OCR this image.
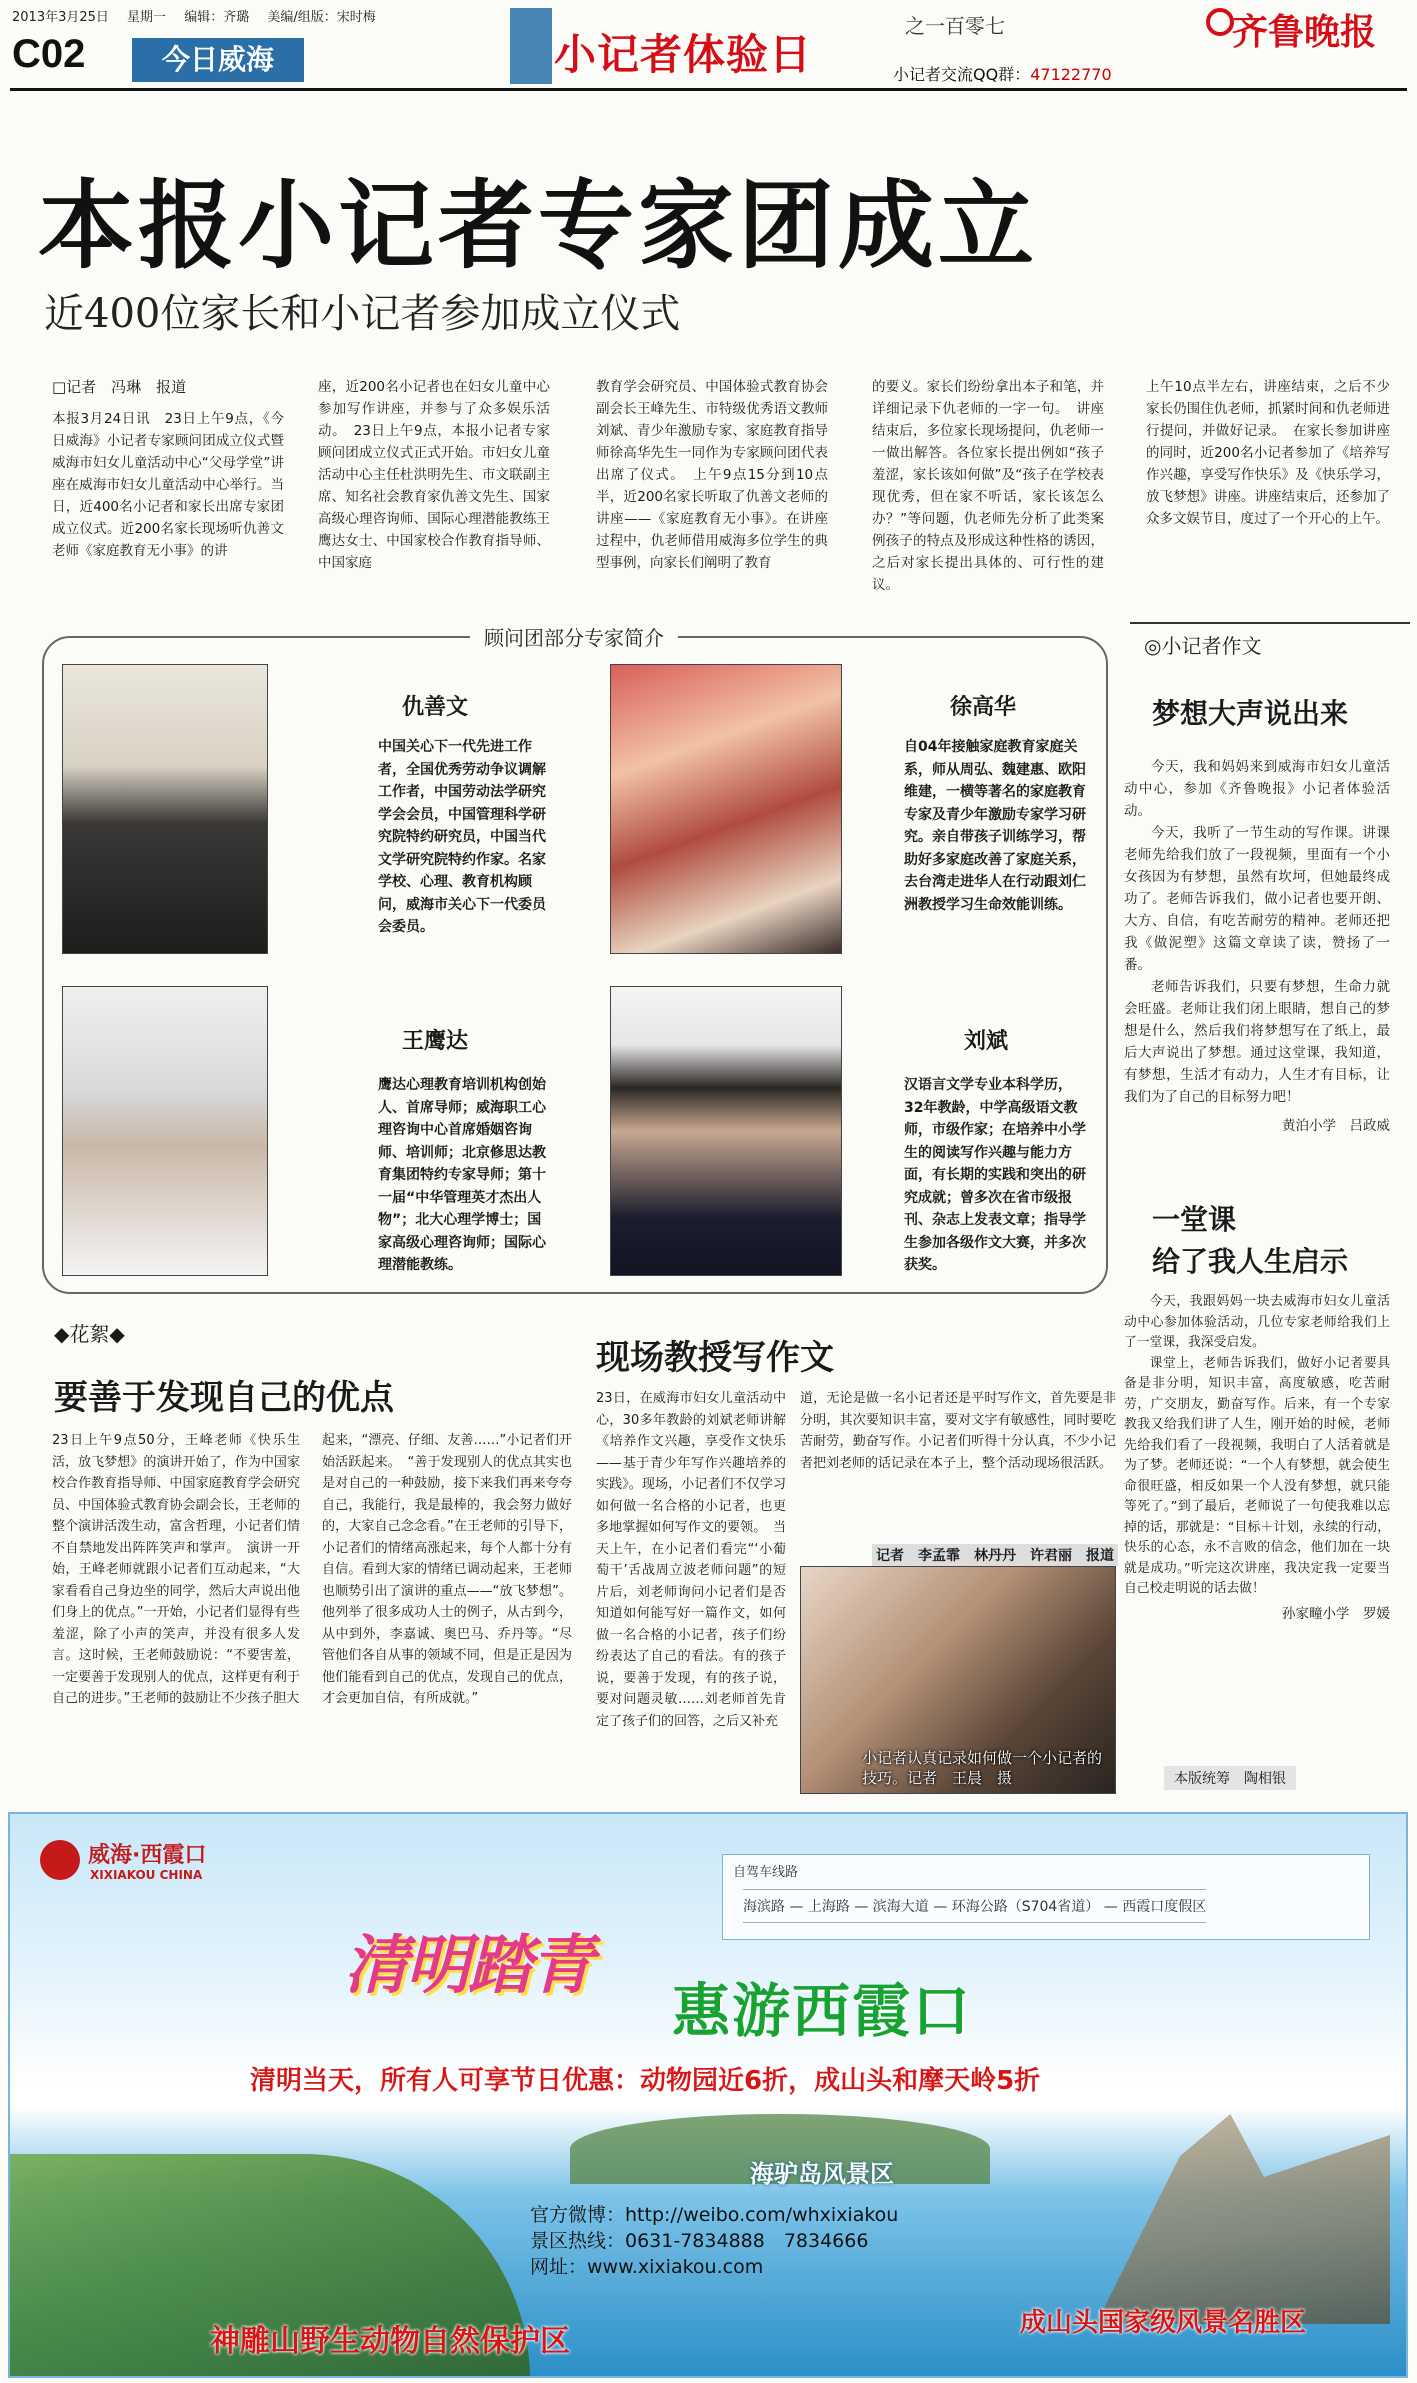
2013年3月25日 星期一 编辑：齐璐 美编/组版：宋时梅
C02	今日威海	小记者体验日
之一百零七
小记者交流QQ群：47122770
齐鲁晚报
本报小记者专家团成立
近400位家长和小记者参加成立仪式

□记者　冯琳　报道

本报3月24日讯　23日上午9点，《今日威海》小记者专家顾问团成立仪式暨威海市妇女儿童活动中心“父母学堂”讲座在威海市妇女儿童活动中心举行。当日，近400名小记者和家长出席专家团成立仪式。近200名家长现场听仇善文老师《家庭教育无小事》的讲

座，近200名小记者也在妇女儿童中心参加写作讲座，并参与了众多娱乐活动。　23日上午9点，本报小记者专家顾问团成立仪式正式开始。市妇女儿童活动中心主任杜洪明先生、市文联副主席、知名社会教育家仇善文先生、国家高级心理咨询师、国际心理潜能教练王鹰达女士、中国家校合作教育指导师、中国家庭

教育学会研究员、中国体验式教育协会副会长王峰先生、市特级优秀语文教师刘斌、青少年激励专家、家庭教育指导师徐高华先生一同作为专家顾问团代表出席了仪式。　上午9点15分到10点半，近200名家长听取了仇善文老师的讲座——《家庭教育无小事》。在讲座过程中，仇老师借用威海多位学生的典型事例，向家长们阐明了教育

的要义。家长们纷纷拿出本子和笔，并详细记录下仇老师的一字一句。　讲座结束后，多位家长现场提问，仇老师一一做出解答。各位家长提出例如“孩子羞涩，家长该如何做”及“孩子在学校表现优秀，但在家不听话，家长该怎么办？”等问题，仇老师先分析了此类案例孩子的特点及形成这种性格的诱因，之后对家长提出具体的、可行性的建议。

上午10点半左右，讲座结束，之后不少家长仍围住仇老师，抓紧时间和仇老师进行提问，并做好记录。　在家长参加讲座的同时，近200名小记者参加了《培养写作兴趣，享受写作快乐》及《快乐学习，放飞梦想》讲座。讲座结束后，还参加了众多文娱节目，度过了一个开心的上午。

顾问团部分专家简介
仇善文
中国关心下一代先进工作者，全国优秀劳动争议调解工作者，中国劳动法学研究学会会员，中国管理科学研究院特约研究员，中国当代文学研究院特约作家。名家学校、心理、教育机构顾问，威海市关心下一代委员会委员。
徐高华
自04年接触家庭教育家庭关系，师从周弘、魏建惠、欧阳维建，一横等著名的家庭教育专家及青少年激励专家学习研究。亲自带孩子训练学习，帮助好多家庭改善了家庭关系，去台湾走进华人在行动跟刘仁洲教授学习生命效能训练。
王鹰达
鹰达心理教育培训机构创始人、首席导师；威海职工心理咨询中心首席婚姻咨询师、培训师；北京修思达教育集团特约专家导师；第十一届“中华管理英才杰出人物”；北大心理学博士；国家高级心理咨询师；国际心理潜能教练。
刘斌
汉语言文学专业本科学历，32年教龄，中学高级语文教师，市级作家；在培养中小学生的阅读写作兴趣与能力方面，有长期的实践和突出的研究成就；曾多次在省市级报刊、杂志上发表文章；指导学生参加各级作文大赛，并多次获奖。
◎小记者作文
梦想大声说出来

今天，我和妈妈来到威海市妇女儿童活动中心，参加《齐鲁晚报》小记者体验活动。

今天，我听了一节生动的写作课。讲课老师先给我们放了一段视频，里面有一个小女孩因为有梦想，虽然有坎坷，但她最终成功了。老师告诉我们，做小记者也要开朗、大方、自信，有吃苦耐劳的精神。老师还把我《做泥塑》这篇文章读了读，赞扬了一番。

老师告诉我们，只要有梦想，生命力就会旺盛。老师让我们闭上眼睛，想自己的梦想是什么，然后我们将梦想写在了纸上，最后大声说出了梦想。通过这堂课，我知道，有梦想，生活才有动力，人生才有目标，让我们为了自己的目标努力吧！

黄泊小学　吕政威
一堂课
给了我人生启示

今天，我跟妈妈一块去威海市妇女儿童活动中心参加体验活动，几位专家老师给我们上了一堂课，我深受启发。

课堂上，老师告诉我们，做好小记者要具备是非分明，知识丰富，高度敏感，吃苦耐劳，广交朋友，勤奋写作。后来，有一个专家教我又给我们讲了人生，刚开始的时候，老师先给我们看了一段视频，我明白了人活着就是为了梦。老师还说：“一个人有梦想，就会使生命很旺盛，相反如果一个人没有梦想，就只能等死了。”到了最后，老师说了一句使我难以忘掉的话，那就是：“目标＋计划，永续的行动，快乐的心态，永不言败的信念，他们加在一块就是成功。”听完这次讲座，我决定我一定要当自己校走明说的话去做！

孙家疃小学　罗媛
本版统筹　陶相银
◆花絮◆
要善于发现自己的优点

23日上午9点50分，王峰老师《快乐生活，放飞梦想》的演讲开始了，作为中国家校合作教育指导师、中国家庭教育学会研究员、中国体验式教育协会副会长，王老师的整个演讲活泼生动，富含哲理，小记者们情不自禁地发出阵阵笑声和掌声。　演讲一开始，王峰老师就跟小记者们互动起来，“大家看看自己身边坐的同学，然后大声说出他们身上的优点。”一开始，小记者们显得有些羞涩，除了小声的笑声，并没有很多人发言。这时候，王老师鼓励说：“不要害羞，一定要善于发现别人的优点，这样更有利于自己的进步。”王老师的鼓励让不少孩子胆大

起来，“漂亮、仔细、友善……”小记者们开始活跃起来。　“善于发现别人的优点其实也是对自己的一种鼓励，接下来我们再来夸夸自己，我能行，我是最棒的，我会努力做好的，大家自己念念看。”在王老师的引导下，小记者们的情绪高涨起来，每个人都十分有自信。看到大家的情绪已调动起来，王老师也顺势引出了演讲的重点——“放飞梦想”。他列举了很多成功人士的例子，从古到今，从中到外，李嘉诚、奥巴马、乔丹等。“尽管他们各自从事的领域不同，但是正是因为他们能看到自己的优点，发现自己的优点，才会更加自信，有所成就。”

现场教授写作文

23日，在威海市妇女儿童活动中心，30多年教龄的刘斌老师讲解《培养作文兴趣，享受作文快乐——基于青少年写作兴趣培养的实践》。现场，小记者们不仅学习如何做一名合格的小记者，也更多地掌握如何写作文的要领。　当天上午，在小记者们看完“‘小葡萄干’舌战周立波老师问题”的短片后，刘老师询问小记者们是否知道如何能写好一篇作文，如何做一名合格的小记者，孩子们纷纷表达了自己的看法。有的孩子说，要善于发现，有的孩子说，要对问题灵敏……刘老师首先肯定了孩子们的回答，之后又补充

道，无论是做一名小记者还是平时写作文，首先要是非分明，其次要知识丰富，要对文字有敏感性，同时要吃苦耐劳，勤奋写作。小记者们听得十分认真，不少小记者把刘老师的话记录在本子上，整个活动现场很活跃。

记者　李孟霏　林丹丹　许君丽　报道
小记者认真记录如何做一个小记者的技巧。记者　王晨　摄
威海·西霞口
XIXIAKOU CHINA	自驾车线路
海滨路 — 上海路 — 滨海大道 — 环海公路（S704省道） — 西霞口度假区
清明踏青
惠游西霞口
清明当天，所有人可享节日优惠：动物园近6折，成山头和摩天岭5折
海驴岛风景区
官方微博：http://weibo.com/whxixiakou
景区热线：0631-7834888　7834666
网址：www.xixiakou.com
神雕山野生动物自然保护区
成山头国家级风景名胜区
